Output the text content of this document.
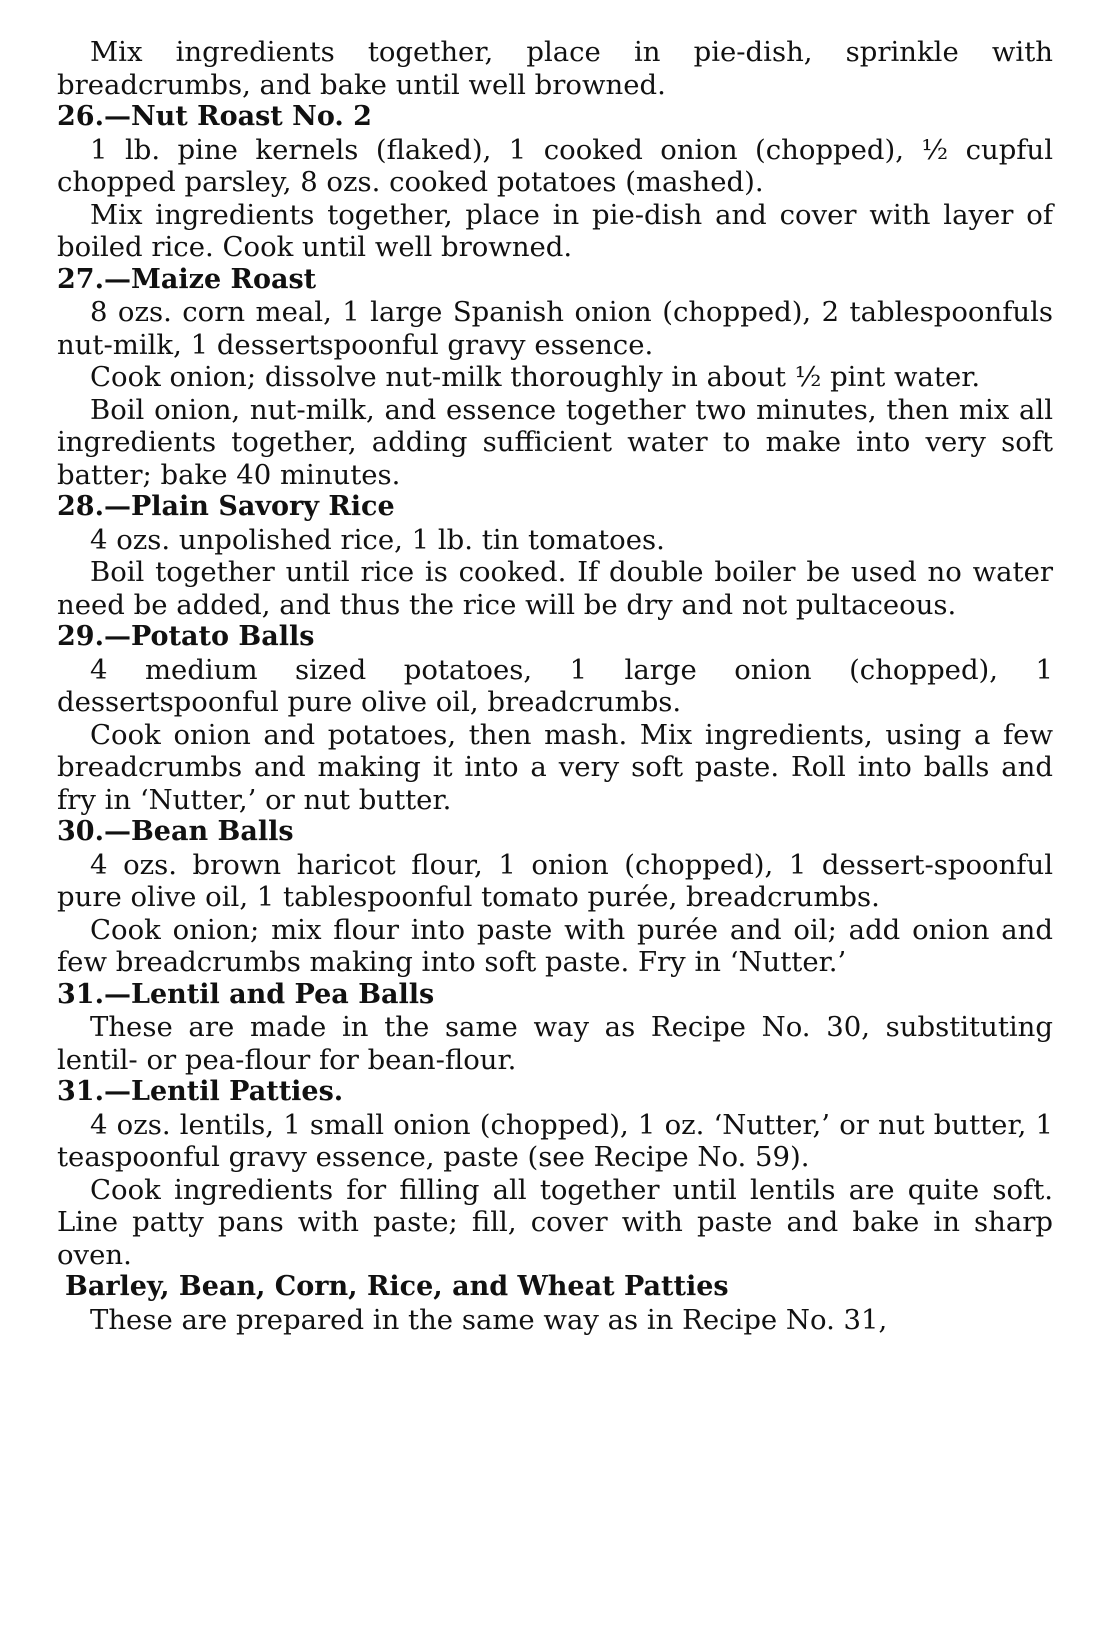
Mix ingredients together, place in pie-dish, sprinkle with breadcrumbs, and bake until well browned.

26.—Nut Roast No. 2

1 lb. pine kernels (flaked), 1 cooked onion (chopped), ½ cupful chopped parsley, 8 ozs. cooked potatoes (mashed).

Mix ingredients together, place in pie-dish and cover with layer of boiled rice. Cook until well browned.

27.—Maize Roast

8 ozs. corn meal, 1 large Spanish onion (chopped), 2 tablespoonfuls nut-milk, 1 dessertspoonful gravy essence.

Cook onion; dissolve nut-milk thoroughly in about ½ pint water.

Boil onion, nut-milk, and essence together two minutes, then mix all ingredients together, adding sufficient water to make into very soft batter; bake 40 minutes.

28.—Plain Savory Rice

4 ozs. unpolished rice, 1 lb. tin tomatoes.

Boil together until rice is cooked. If double boiler be used no water need be added, and thus the rice will be dry and not pultaceous.

29.—Potato Balls

4 medium sized potatoes, 1 large onion (chopped), 1 dessertspoonful pure olive oil, breadcrumbs.

Cook onion and potatoes, then mash. Mix ingredients, using a few breadcrumbs and making it into a very soft paste. Roll into balls and fry in ‘Nutter,’ or nut butter.

30.—Bean Balls

4 ozs. brown haricot flour, 1 onion (chopped), 1 dessert-spoonful pure olive oil, 1 tablespoonful tomato purée, breadcrumbs.

Cook onion; mix flour into paste with purée and oil; add onion and few breadcrumbs making into soft paste. Fry in ‘Nutter.’

31.—Lentil and Pea Balls

These are made in the same way as Recipe No. 30, substituting lentil- or pea-flour for bean-flour.

31.—Lentil Patties.

4 ozs. lentils, 1 small onion (chopped), 1 oz. ‘Nutter,’ or nut butter, 1 teaspoonful gravy essence, paste (see Recipe No. 59).

Cook ingredients for filling all together until lentils are quite soft. Line patty pans with paste; fill, cover with paste and bake in sharp oven.

Barley, Bean, Corn, Rice, and Wheat Patties

These are prepared in the same way as in Recipe No. 31,
